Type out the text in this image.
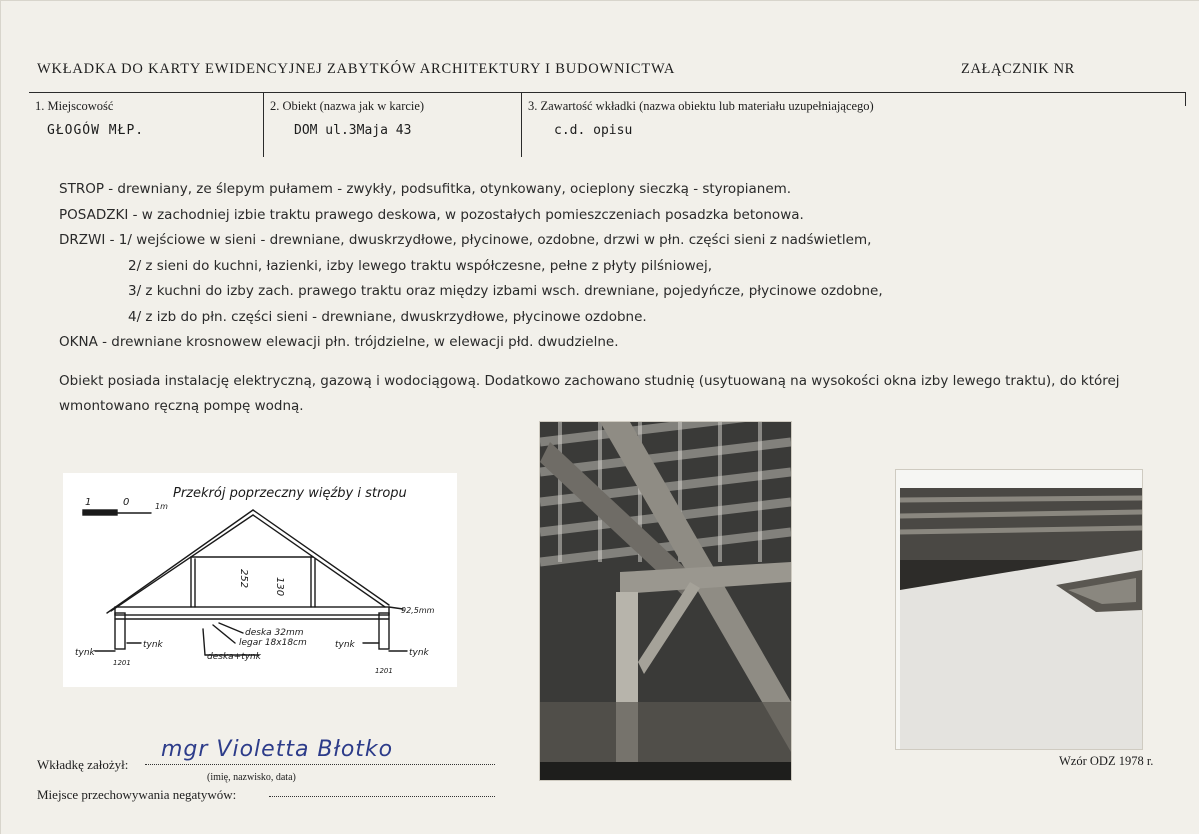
WKŁADKA DO KARTY EWIDENCYJNEJ ZABYTKÓW ARCHITEKTURY I BUDOWNICTWA	ZAŁĄCZNIK NR
1. Miejscowość
GŁOGÓW MŁP.
2. Obiekt (nazwa jak w karcie)
DOM ul.3Maja 43
3. Zawartość wkładki (nazwa obiektu lub materiału uzupełniającego)
c.d. opisu
STROP - drewniany, ze ślepym pułamem - zwykły, podsufitka, otynkowany, ocieplony sieczką - styropianem.
POSADZKI - w zachodniej izbie traktu prawego deskowa, w pozostałych pomieszczeniach posadzka betonowa.
DRZWI - 1/ wejściowe w sieni - drewniane, dwuskrzydłowe, płycinowe, ozdobne, drzwi w płn. części sieni z nadświetlem,
2/ z sieni do kuchni, łazienki, izby lewego traktu współczesne, pełne z płyty pilśniowej,
3/ z kuchni do izby zach. prawego traktu oraz między izbami wsch. drewniane, pojedyńcze, płycinowe ozdobne,
4/ z izb do płn. części sieni - drewniane, dwuskrzydłowe, płycinowe ozdobne.
OKNA - drewniane krosnowew elewacji płn. trójdzielne, w elewacji płd. dwudzielne.
Obiekt posiada instalację elektryczną, gazową i wodociągową. Dodatkowo zachowano studnię (usytuowaną na wysokości okna izby lewego traktu), do której wmontowano ręczną pompę wodną.
Przekrój poprzeczny więźby i stropu
1	0	1m
252	130
92,5mm
deska 32mm
legar 18x18cm
deska+tynk
tynk
tynk
tynk
tynk
1201
1201
Wkładkę założył:
mgr Violetta Błotko
(imię, nazwisko, data)
Miejsce przechowywania negatywów:
Wzór ODZ 1978 r.
